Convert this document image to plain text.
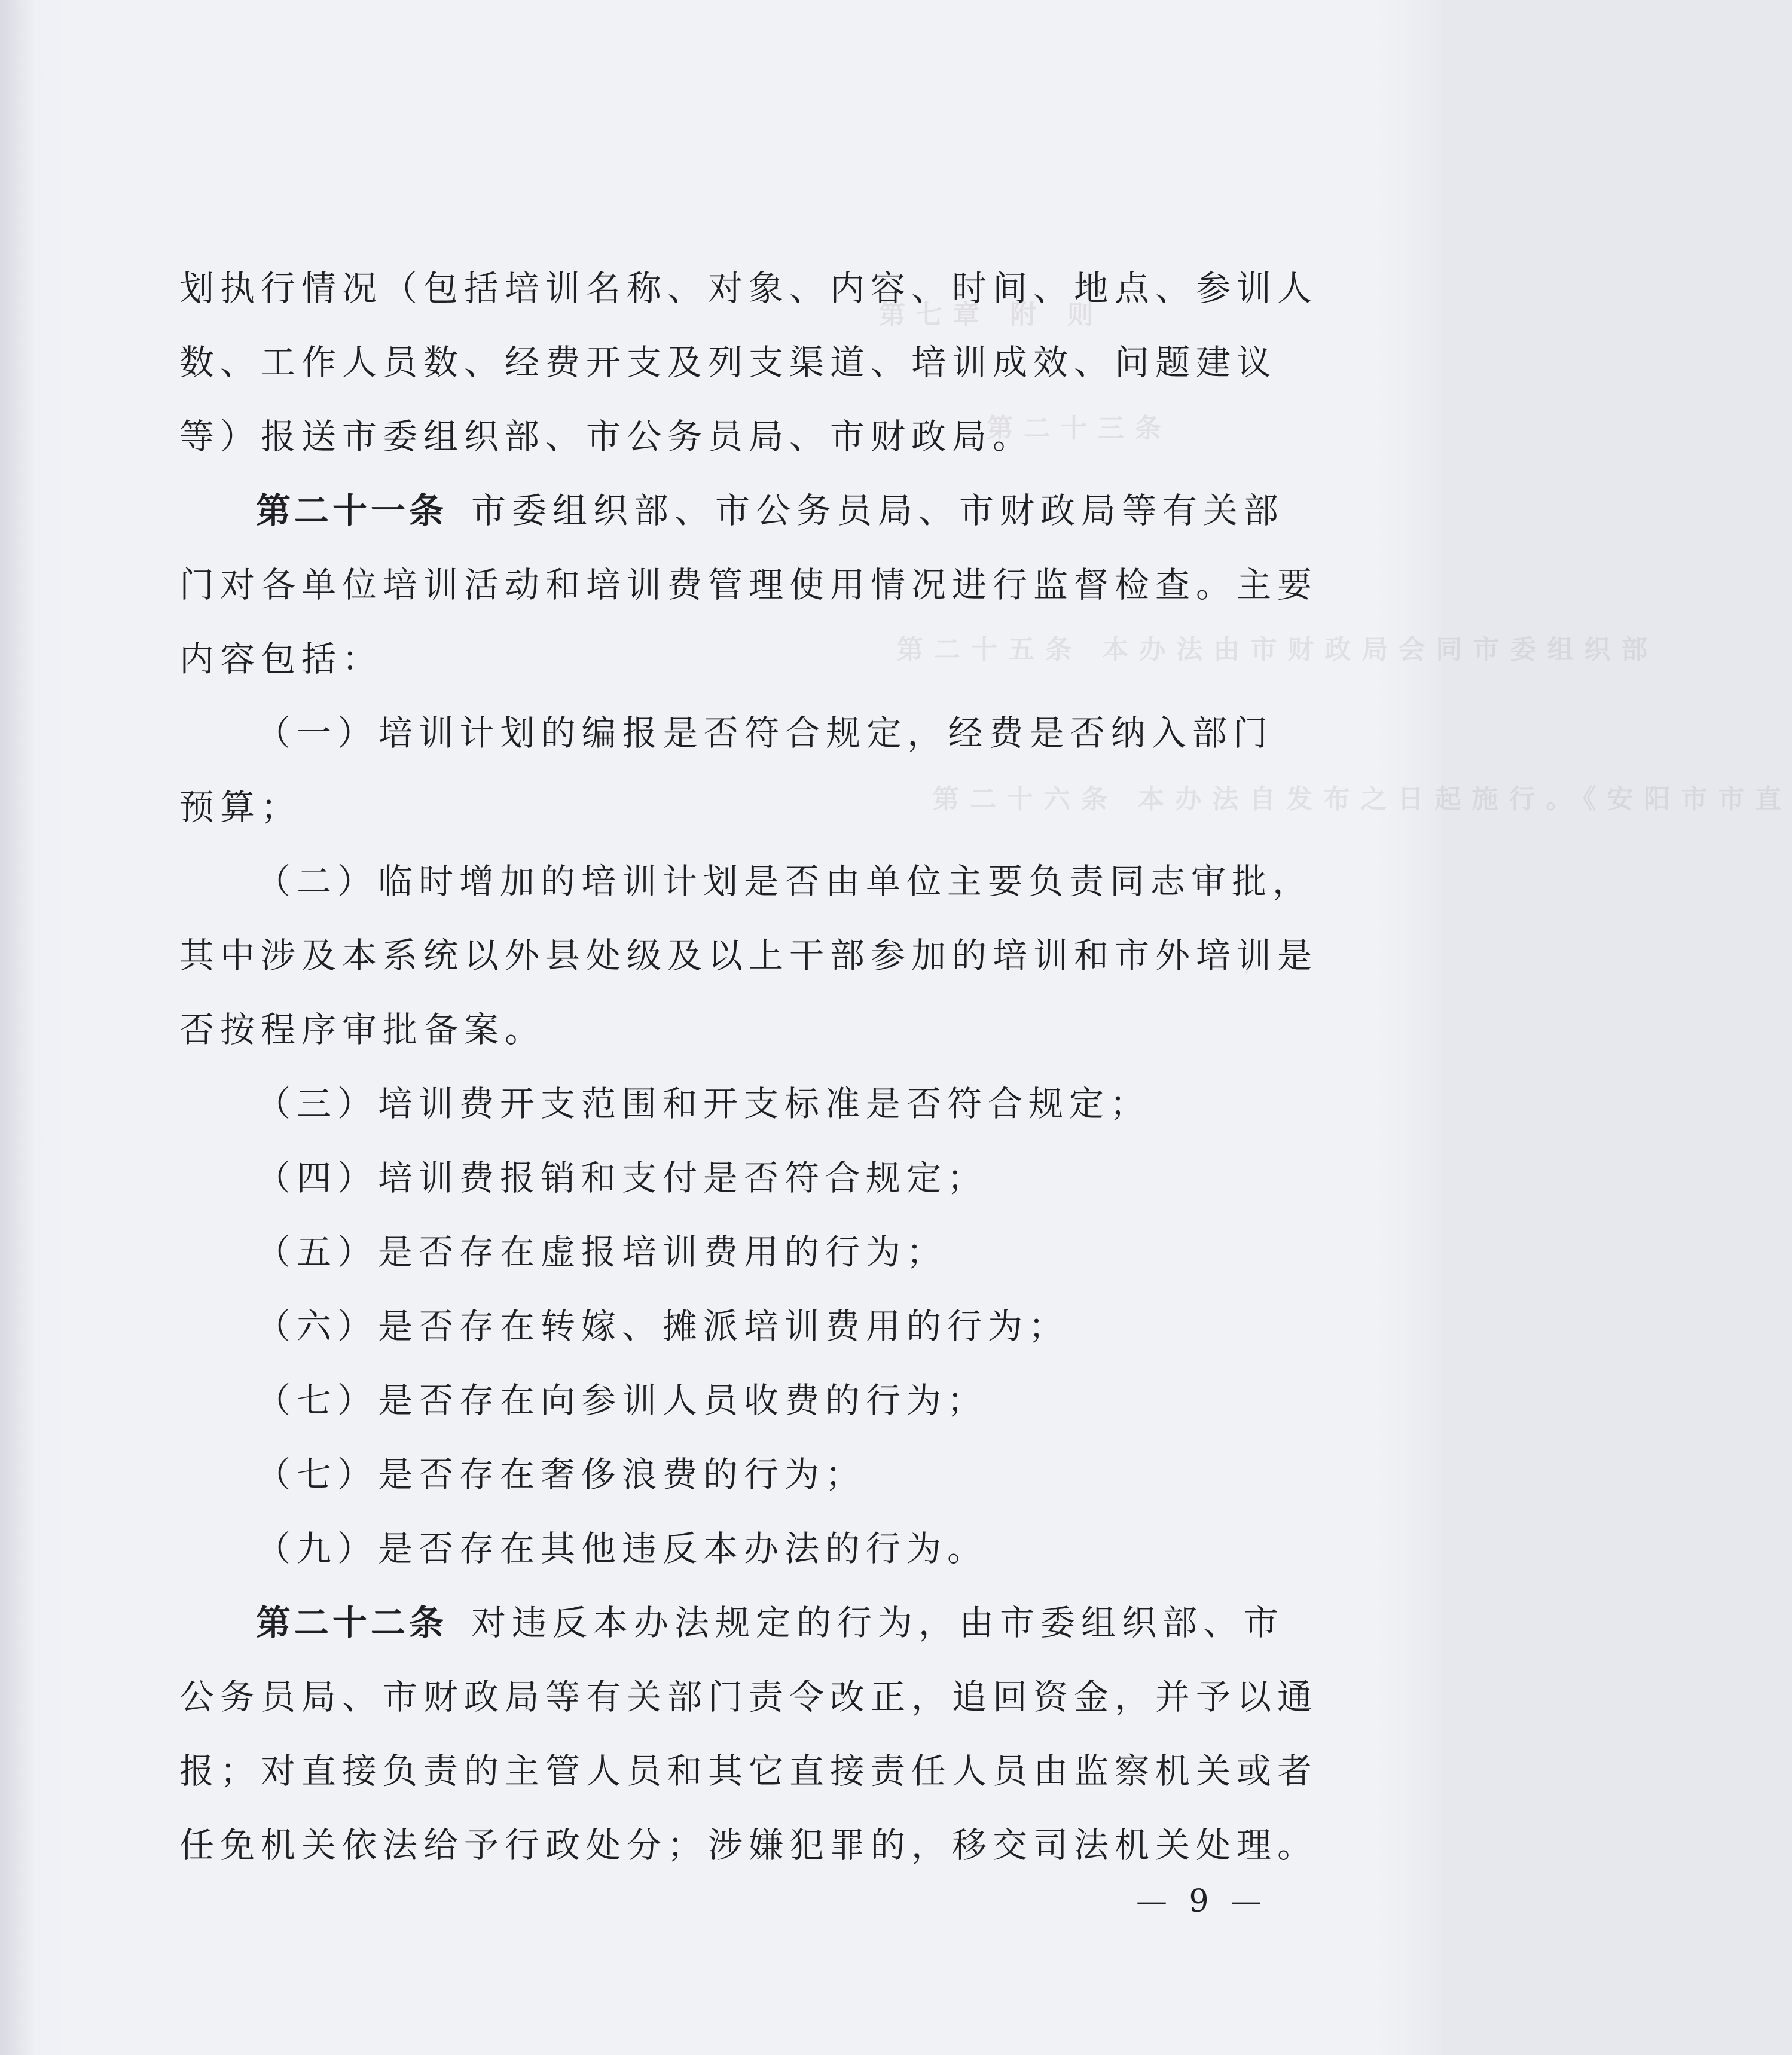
第七章 附 则
第二十三条
第二十五条 本办法由市财政局会同市委组织部
第二十六条 本办法自发布之日起施行。《安阳市市直
划执行情况（包括培训名称、对象、内容、时间、地点、参训人
数、工作人员数、经费开支及列支渠道、培训成效、问题建议
等）报送市委组织部、市公务员局、市财政局。
第二十一条 市委组织部、市公务员局、市财政局等有关部
门对各单位培训活动和培训费管理使用情况进行监督检查。主要
内容包括：
（一）培训计划的编报是否符合规定，经费是否纳入部门
预算；
（二）临时增加的培训计划是否由单位主要负责同志审批，
其中涉及本系统以外县处级及以上干部参加的培训和市外培训是
否按程序审批备案。
（三）培训费开支范围和开支标准是否符合规定；
（四）培训费报销和支付是否符合规定；
（五）是否存在虚报培训费用的行为；
（六）是否存在转嫁、摊派培训费用的行为；
（七）是否存在向参训人员收费的行为；
（七）是否存在奢侈浪费的行为；
（九）是否存在其他违反本办法的行为。
第二十二条 对违反本办法规定的行为，由市委组织部、市
公务员局、市财政局等有关部门责令改正，追回资金，并予以通
报；对直接负责的主管人员和其它直接责任人员由监察机关或者
任免机关依法给予行政处分；涉嫌犯罪的，移交司法机关处理。
— 9 —
